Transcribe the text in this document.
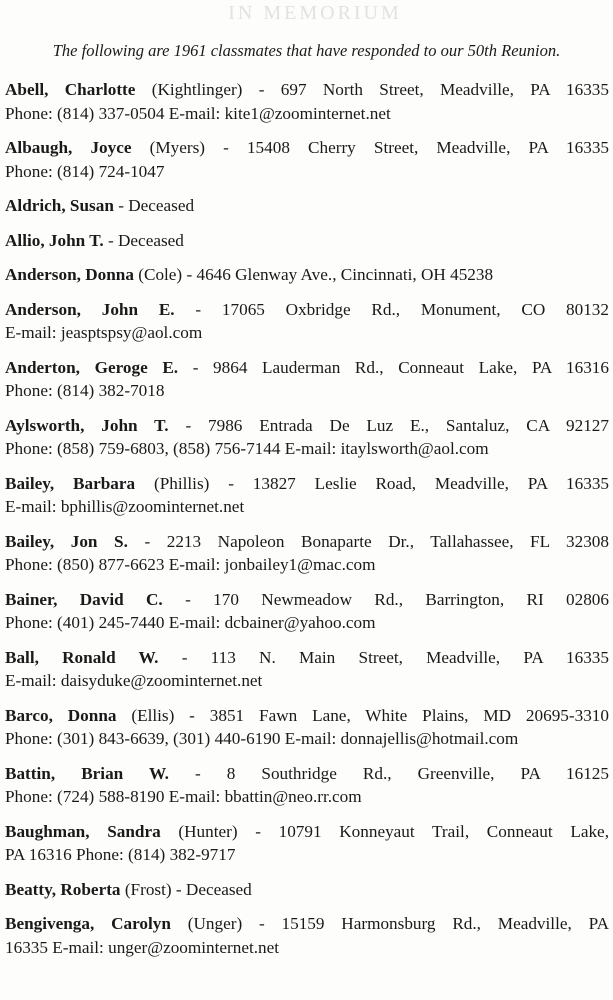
IN MEMORIUM
The following are 1961 classmates that have responded to our 50th Reunion.
Abell, Charlotte (Kightlinger) - 697 North Street, Meadville, PA 16335
Phone: (814) 337-0504 E-mail: kite1@zoominternet.net
Albaugh, Joyce (Myers) - 15408 Cherry Street, Meadville, PA 16335
Phone: (814) 724-1047
Aldrich, Susan - Deceased
Allio, John T. - Deceased
Anderson, Donna (Cole) - 4646 Glenway Ave., Cincinnati, OH 45238
Anderson, John E. - 17065 Oxbridge Rd., Monument, CO 80132
E-mail: jeasptspsy@aol.com
Anderton, Geroge E. - 9864 Lauderman Rd., Conneaut Lake, PA 16316
Phone: (814) 382-7018
Aylsworth, John T. - 7986 Entrada De Luz E., Santaluz, CA 92127
Phone: (858) 759-6803, (858) 756-7144 E-mail: itaylsworth@aol.com
Bailey, Barbara (Phillis) - 13827 Leslie Road, Meadville, PA 16335
E-mail: bphillis@zoominternet.net
Bailey, Jon S. - 2213 Napoleon Bonaparte Dr., Tallahassee, FL 32308
Phone: (850) 877-6623 E-mail: jonbailey1@mac.com
Bainer, David C. - 170 Newmeadow Rd., Barrington, RI 02806
Phone: (401) 245-7440 E-mail: dcbainer@yahoo.com
Ball, Ronald W. - 113 N. Main Street, Meadville, PA 16335
E-mail: daisyduke@zoominternet.net
Barco, Donna (Ellis) - 3851 Fawn Lane, White Plains, MD 20695-3310
Phone: (301) 843-6639, (301) 440-6190 E-mail: donnajellis@hotmail.com
Battin, Brian W. - 8 Southridge Rd., Greenville, PA 16125
Phone: (724) 588-8190 E-mail: bbattin@neo.rr.com
Baughman, Sandra (Hunter) - 10791 Konneyaut Trail, Conneaut Lake,
PA 16316 Phone: (814) 382-9717
Beatty, Roberta (Frost) - Deceased
Bengivenga, Carolyn (Unger) - 15159 Harmonsburg Rd., Meadville, PA
16335 E-mail: unger@zoominternet.net
